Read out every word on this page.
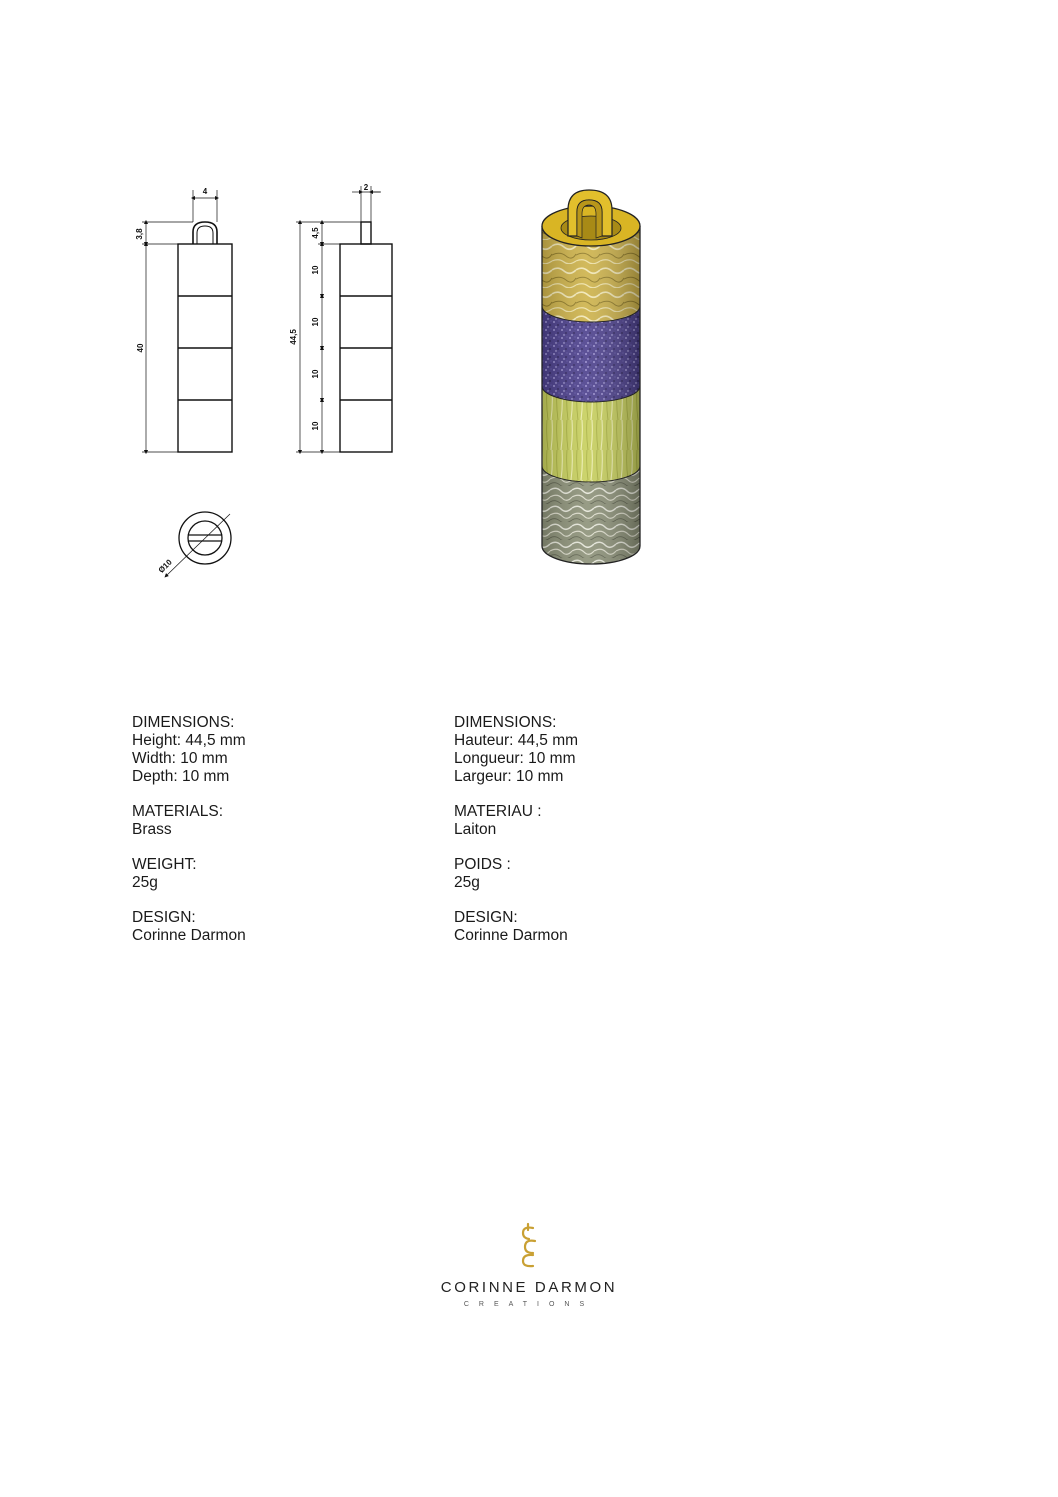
4
3,8
40
2
4,5
44,5
10
10
10
10
Ø10
DIMENSIONS:
Height: 44,5 mm
Width: 10 mm
Depth: 10 mm
MATERIALS:
Brass
WEIGHT:
25g
DESIGN:
Corinne Darmon
DIMENSIONS:
Hauteur: 44,5 mm
Longueur: 10 mm
Largeur: 10 mm
MATERIAU :
Laiton
POIDS :
25g
DESIGN:
Corinne Darmon
CORINNE DARMON
CREATIONS
